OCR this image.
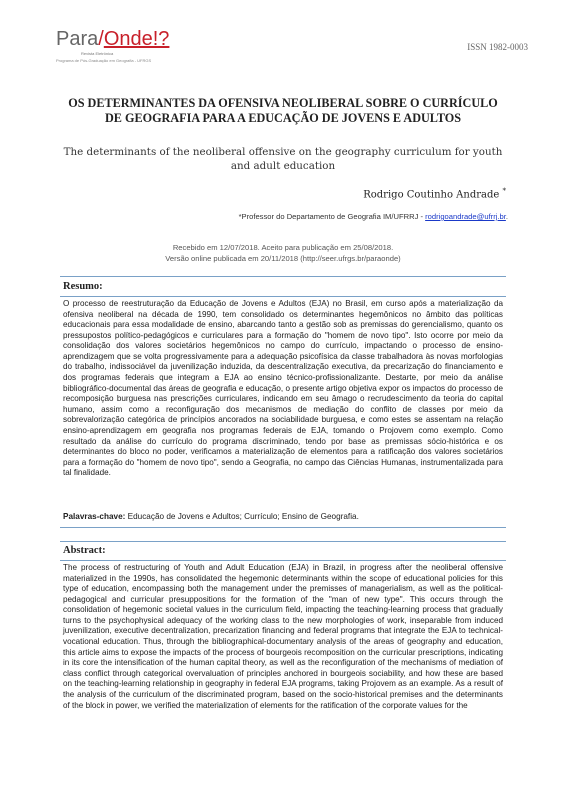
Para/Onde!?
Revista Eletrônica
Programa de Pós-Graduação em Geografia - UFRGS
ISSN 1982-0003
OS DETERMINANTES DA OFENSIVA NEOLIBERAL SOBRE O CURRÍCULO DE GEOGRAFIA PARA A EDUCAÇÃO DE JOVENS E ADULTOS
The determinants of the neoliberal offensive on the geography curriculum for youth and adult education
Rodrigo Coutinho Andrade *
*Professor do Departamento de Geografia IM/UFRRJ - rodrigoandrade@ufrrj.br.
Recebido em 12/07/2018. Aceito para publicação em 25/08/2018.
Versão online publicada em 20/11/2018 (http://seer.ufrgs.br/paraonde)
Resumo:
O processo de reestruturação da Educação de Jovens e Adultos (EJA) no Brasil, em curso após a materialização da ofensiva neoliberal na década de 1990, tem consolidado os determinantes hegemônicos no âmbito das políticas educacionais para essa modalidade de ensino, abarcando tanto a gestão sob as premissas do gerencialismo, quanto os pressupostos político-pedagógicos e curriculares para a formação do "homem de novo tipo". Isto ocorre por meio da consolidação dos valores societários hegemônicos no campo do currículo, impactando o processo de ensino-aprendizagem que se volta progressivamente para a adequação psicofísica da classe trabalhadora às novas morfologias do trabalho, indissociável da juvenilização induzida, da descentralização executiva, da precarização do financiamento e dos programas federais que integram a EJA ao ensino técnico-profissionalizante. Destarte, por meio da análise bibliográfico-documental das áreas de geografia e educação, o presente artigo objetiva expor os impactos do processo de recomposição burguesa nas prescrições curriculares, indicando em seu âmago o recrudescimento da teoria do capital humano, assim como a reconfiguração dos mecanismos de mediação do conflito de classes por meio da sobrevalorização categórica de princípios ancorados na sociabilidade burguesa, e como estes se assentam na relação ensino-aprendizagem em geografia nos programas federais de EJA, tomando o Projovem como exemplo. Como resultado da análise do currículo do programa discriminado, tendo por base as premissas sócio-histórica e os determinantes do bloco no poder, verificamos a materialização de elementos para a ratificação dos valores societários para a formação do "homem de novo tipo", sendo a Geografia, no campo das Ciências Humanas, instrumentalizada para tal finalidade.
Palavras-chave: Educação de Jovens e Adultos; Currículo; Ensino de Geografia.
Abstract:
The process of restructuring of Youth and Adult Education (EJA) in Brazil, in progress after the neoliberal offensive materialized in the 1990s, has consolidated the hegemonic determinants within the scope of educational policies for this type of education, encompassing both the management under the premisses of managerialism, as well as the political-pedagogical and curricular presuppositions for the formation of the "man of new type". This occurs through the consolidation of hegemonic societal values in the curriculum field, impacting the teaching-learning process that gradually turns to the psychophysical adequacy of the working class to the new morphologies of work, inseparable from induced juvenilization, executive decentralization, precarization financing and federal programs that integrate the EJA to technical-vocational education. Thus, through the bibliographical-documentary analysis of the areas of geography and education, this article aims to expose the impacts of the process of bourgeois recomposition on the curricular prescriptions, indicating in its core the intensification of the human capital theory, as well as the reconfiguration of the mechanisms of mediation of class conflict through categorical overvaluation of principles anchored in bourgeois sociability, and how these are based on the teaching-learning relationship in geography in federal EJA programs, taking Projovem as an example. As a result of the analysis of the curriculum of the discriminated program, based on the socio-historical premises and the determinants of the block in power, we verified the materialization of elements for the ratification of the corporate values for the
